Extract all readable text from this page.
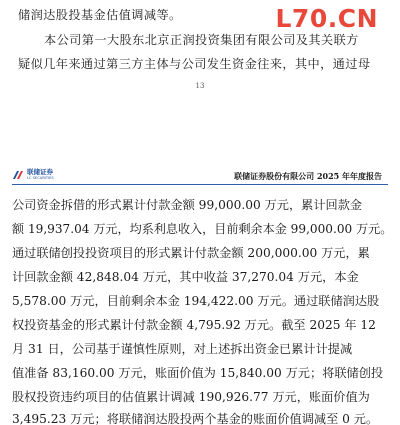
储润达股投基金估值调减等。
本公司第一大股东北京正润投资集团有限公司及其关联方
疑似几年来通过第三方主体与公司发生资金往来，其中，通过母
13
L70.CN
联储证券
LC SECURITIES	联储证券股份有限公司 2025 年年度报告
公司资金拆借的形式累计付款金额 99,000.00 万元，累计回款金
额 19,937.04 万元，均系利息收入，目前剩余本金 99,000.00 万元。
通过联储创投投资项目的形式累计付款金额 200,000.00 万元，累
计回款金额 42,848.04 万元，其中收益 37,270.04 万元，本金
5,578.00 万元，目前剩余本金 194,422.00 万元。通过联储润达股
权投资基金的形式累计付款金额 4,795.92 万元。截至 2025 年 12
月 31 日，公司基于谨慎性原则，对上述拆出资金已累计计提减
值准备 83,160.00 万元，账面价值为 15,840.00 万元；将联储创投
股权投资违约项目的估值累计调减 190,926.77 万元，账面价值为
3,495.23 万元；将联储润达股投两个基金的账面价值调减至 0 元。
